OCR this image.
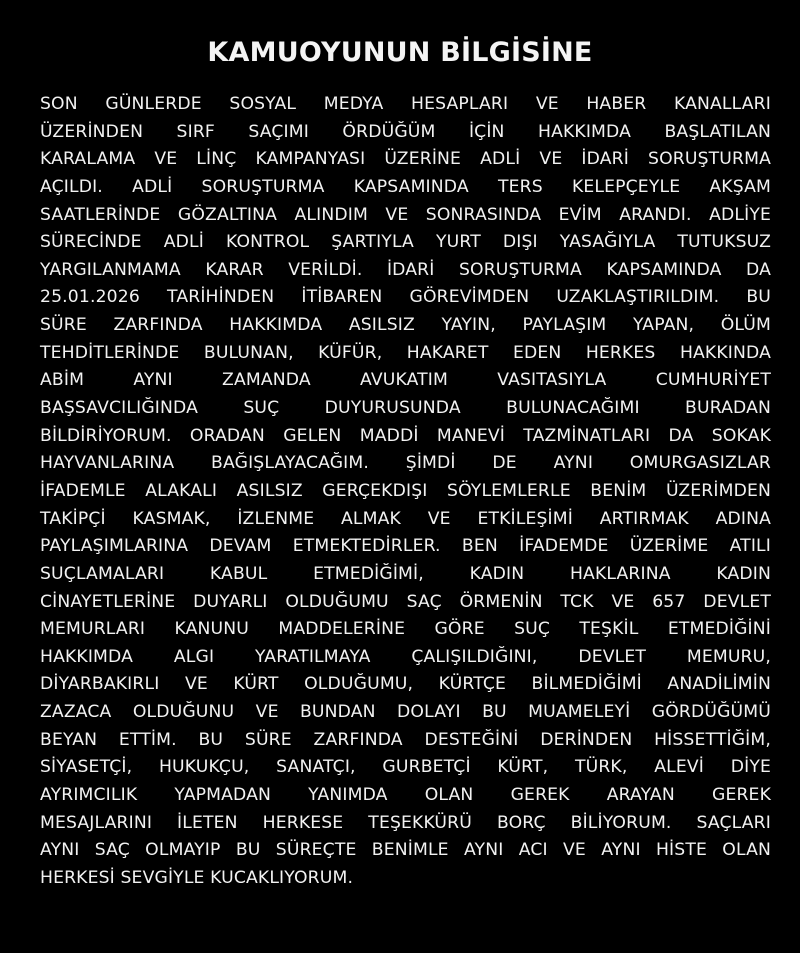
KAMUOYUNUN BİLGİSİNE
SON GÜNLERDE SOSYAL MEDYA HESAPLARI VE HABER KANALLARI
ÜZERİNDEN SIRF SAÇIMI ÖRDÜĞÜM İÇİN HAKKIMDA BAŞLATILAN
KARALAMA VE LİNÇ KAMPANYASI ÜZERİNE ADLİ VE İDARİ SORUŞTURMA
AÇILDI. ADLİ SORUŞTURMA KAPSAMINDA TERS KELEPÇEYLE AKŞAM
SAATLERİNDE GÖZALTINA ALINDIM VE SONRASINDA EVİM ARANDI. ADLİYE
SÜRECİNDE ADLİ KONTROL ŞARTIYLA YURT DIŞI YASAĞIYLA TUTUKSUZ
YARGILANMAMA KARAR VERİLDİ. İDARİ SORUŞTURMA KAPSAMINDA DA
25.01.2026 TARİHİNDEN İTİBAREN GÖREVİMDEN UZAKLAŞTIRILDIM. BU
SÜRE ZARFINDA HAKKIMDA ASILSIZ YAYIN, PAYLAŞIM YAPAN, ÖLÜM
TEHDİTLERİNDE BULUNAN, KÜFÜR, HAKARET EDEN HERKES HAKKINDA
ABİM AYNI ZAMANDA AVUKATIM VASITASIYLA CUMHURİYET
BAŞSAVCILIĞINDA SUÇ DUYURUSUNDA BULUNACAĞIMI BURADAN
BİLDİRİYORUM. ORADAN GELEN MADDİ MANEVİ TAZMİNATLARI DA SOKAK
HAYVANLARINA BAĞIŞLAYACAĞIM. ŞİMDİ DE AYNI OMURGASIZLAR
İFADEMLE ALAKALI ASILSIZ GERÇEKDIŞI SÖYLEMLERLE BENİM ÜZERİMDEN
TAKİPÇİ KASMAK, İZLENME ALMAK VE ETKİLEŞİMİ ARTIRMAK ADINA
PAYLAŞIMLARINA DEVAM ETMEKTEDİRLER. BEN İFADEMDE ÜZERİME ATILI
SUÇLAMALARI KABUL ETMEDİĞİMİ, KADIN HAKLARINA KADIN
CİNAYETLERİNE DUYARLI OLDUĞUMU SAÇ ÖRMENİN TCK VE 657 DEVLET
MEMURLARI KANUNU MADDELERİNE GÖRE SUÇ TEŞKİL ETMEDİĞİNİ
HAKKIMDA ALGI YARATILMAYA ÇALIŞILDIĞINI, DEVLET MEMURU,
DİYARBAKIRLI VE KÜRT OLDUĞUMU, KÜRTÇE BİLMEDİĞİMİ ANADİLİMİN
ZAZACA OLDUĞUNU VE BUNDAN DOLAYI BU MUAMELEYİ GÖRDÜĞÜMÜ
BEYAN ETTİM. BU SÜRE ZARFINDA DESTEĞİNİ DERİNDEN HİSSETTİĞİM,
SİYASETÇİ, HUKUKÇU, SANATÇI, GURBETÇİ KÜRT, TÜRK, ALEVİ DİYE
AYRIMCILIK YAPMADAN YANIMDA OLAN GEREK ARAYAN GEREK
MESAJLARINI İLETEN HERKESE TEŞEKKÜRÜ BORÇ BİLİYORUM. SAÇLARI
AYNI SAÇ OLMAYIP BU SÜREÇTE BENİMLE AYNI ACI VE AYNI HİSTE OLAN
HERKESİ SEVGİYLE KUCAKLIYORUM.
